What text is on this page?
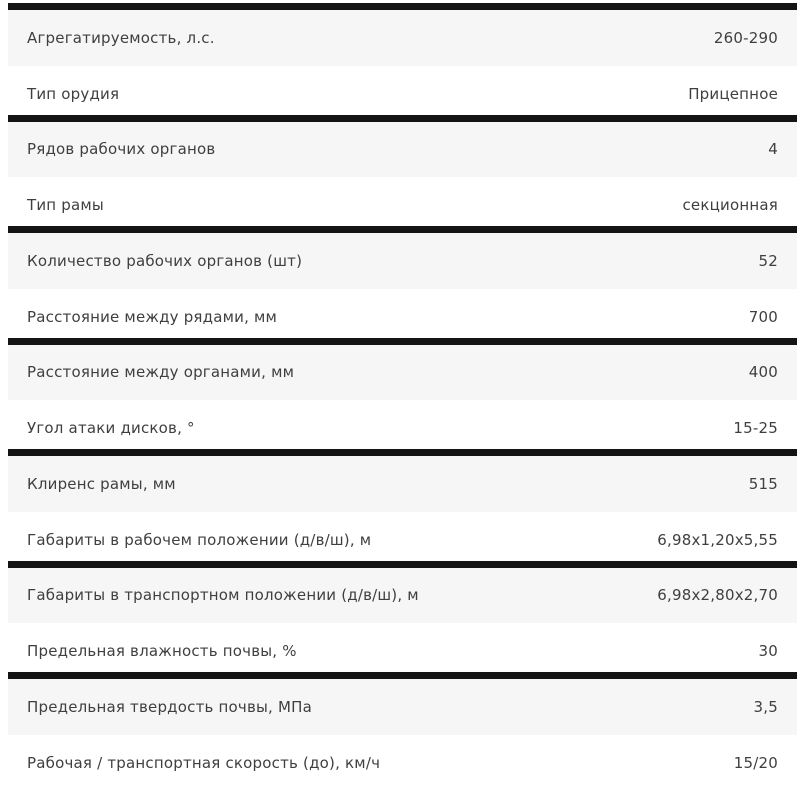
Агрегатируемость, л.с.	260-290
Тип орудия	Прицепное
Рядов рабочих органов	4
Тип рамы	секционная
Количество рабочих органов (шт)	52
Расстояние между рядами, мм	700
Расстояние между органами, мм	400
Угол атаки дисков, °	15-25
Клиренс рамы, мм	515
Габариты в рабочем положении (д/в/ш), м	6,98х1,20х5,55
Габариты в транспортном положении (д/в/ш), м	6,98х2,80х2,70
Предельная влажность почвы, %	30
Предельная твердость почвы, МПа	3,5
Рабочая / транспортная скорость (до), км/ч	15/20
